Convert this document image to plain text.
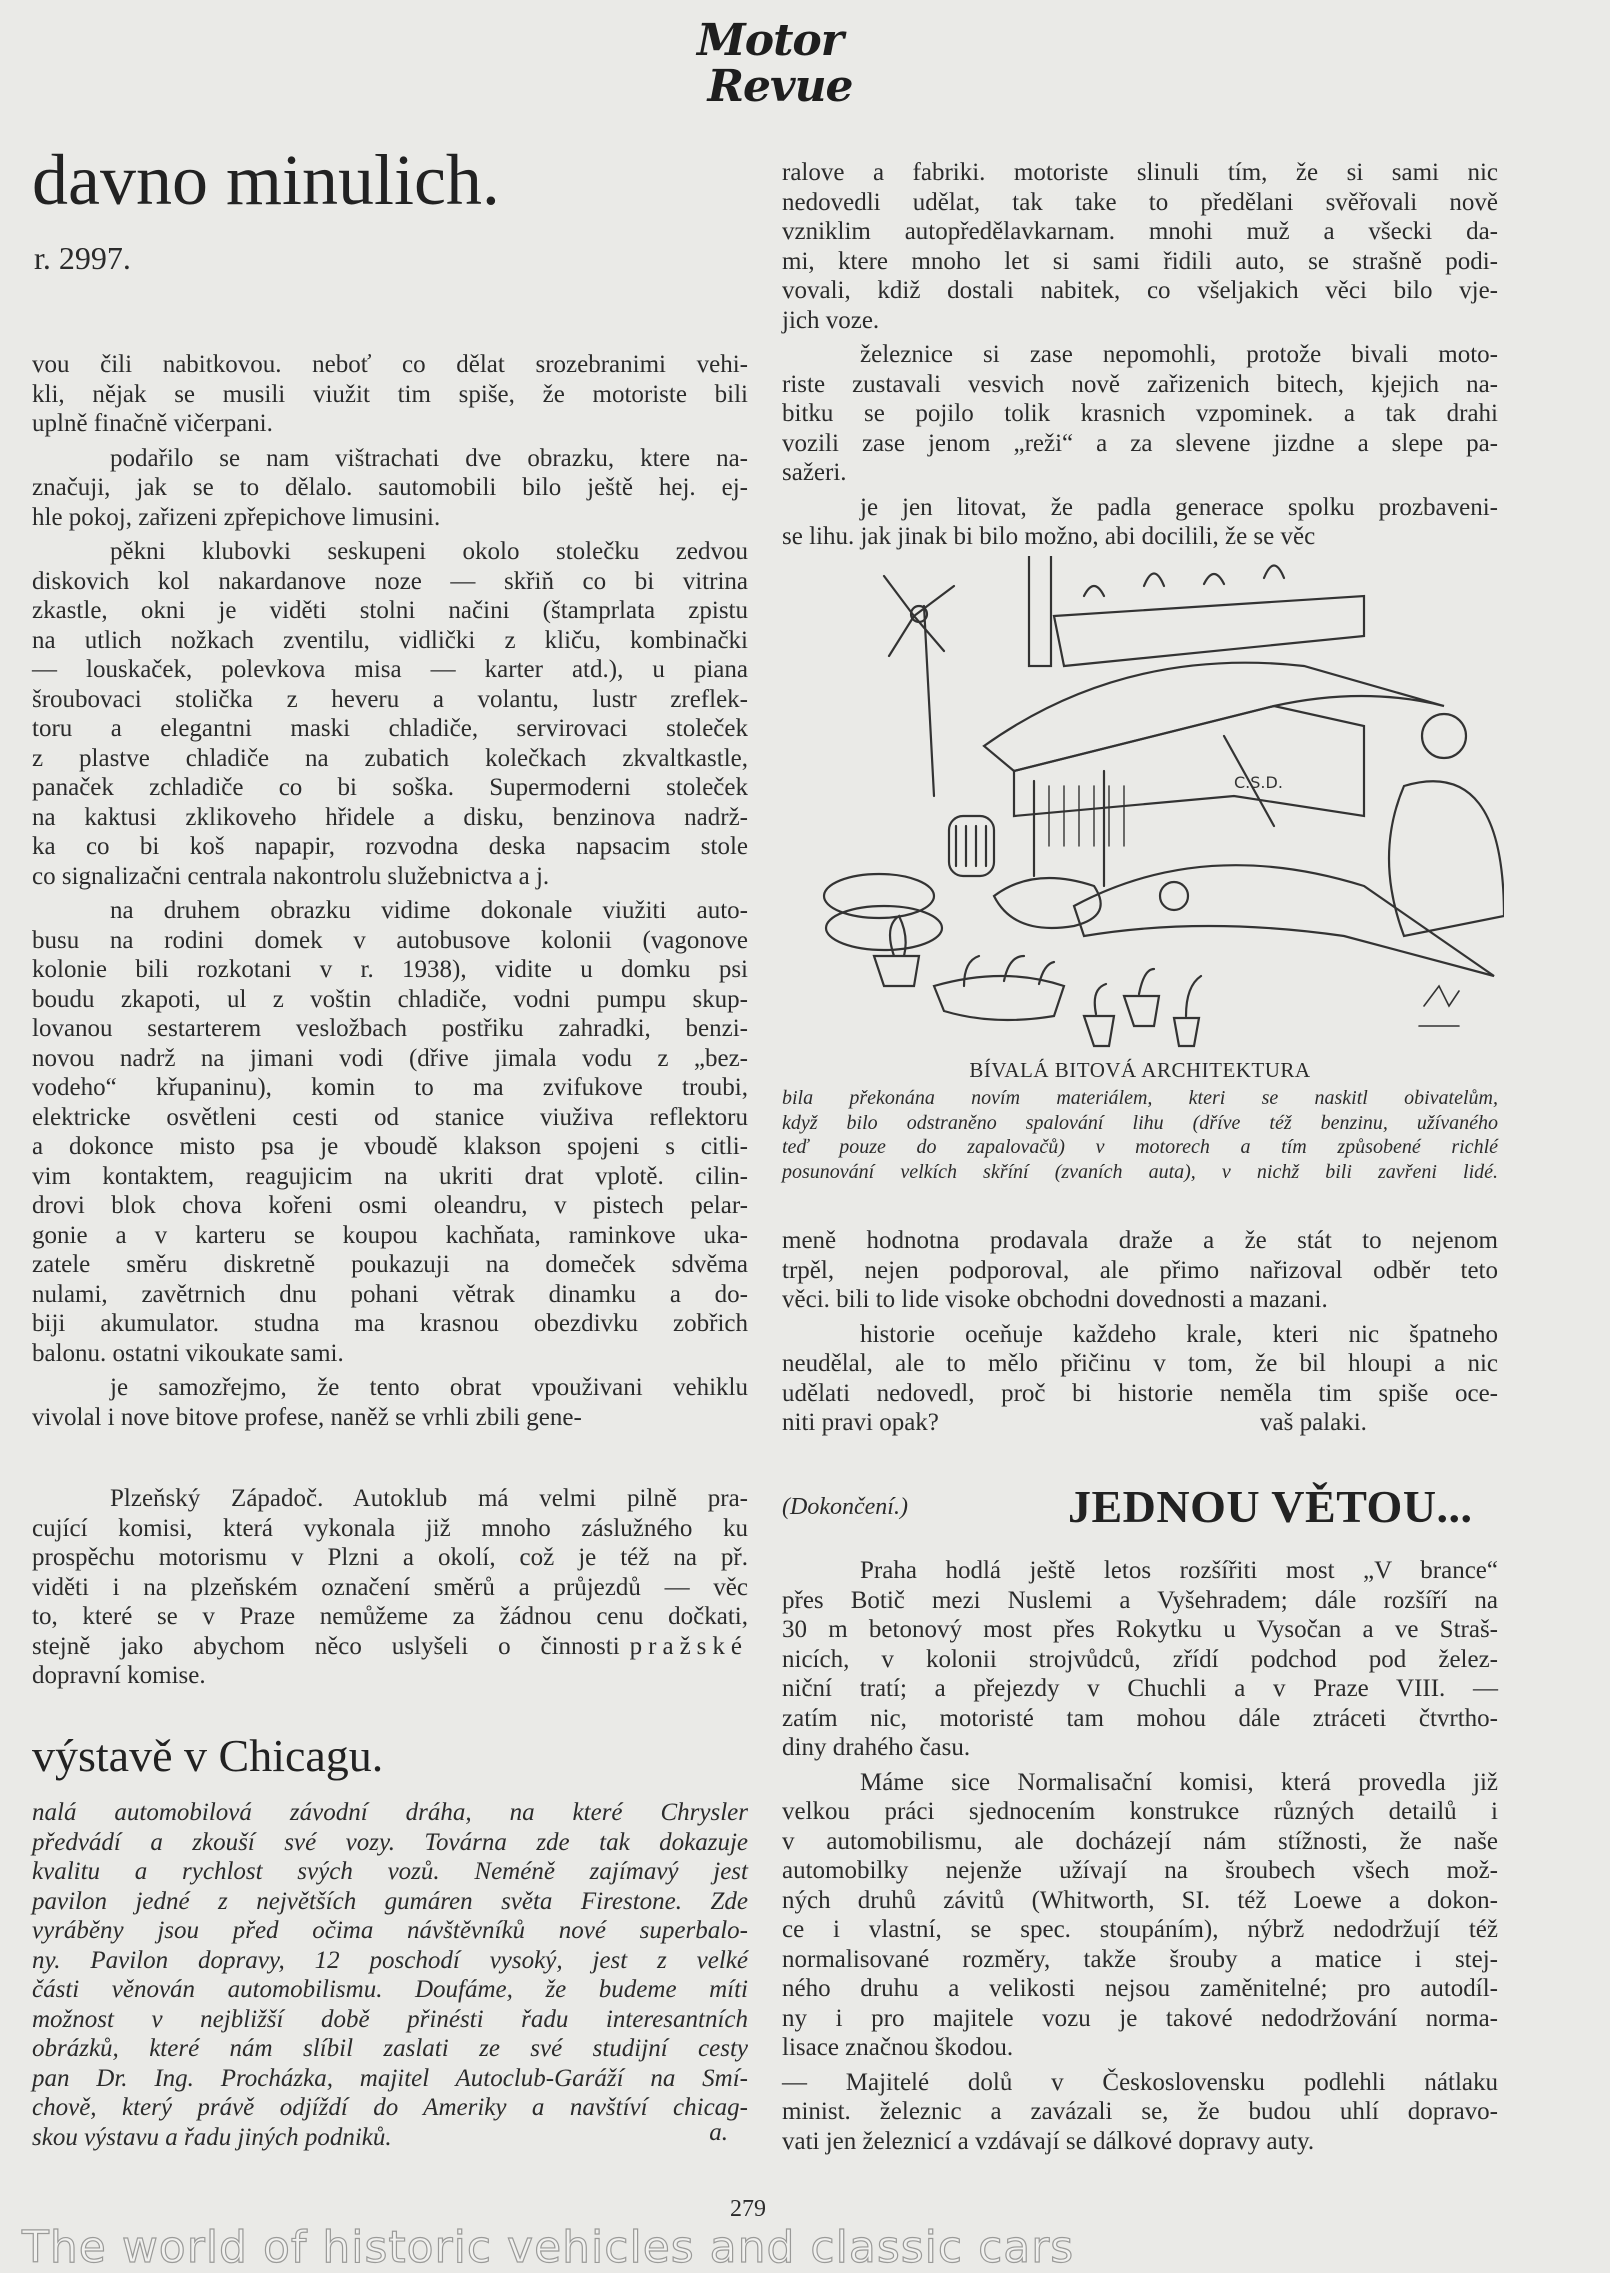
Motor
Revue
davno minulich.
r. 2997.
vou čili nabitkovou. neboť co dělat srozebranimi vehi-
kli, nějak se musili viužit tim spiše, že motoriste bili
uplně finačně vičerpani.
podařilo se nam vištrachati dve obrazku, ktere na-
značuji, jak se to dělalo. sautomobili bilo ještě hej. ej-
hle pokoj, zařizeni zpřepichove limusini.
pěkni klubovki seskupeni okolo stolečku zedvou
diskovich kol nakardanove noze — skřiň co bi vitrina
zkastle, okni je viděti stolni načini (štamprlata zpistu
na utlich nožkach zventilu, vidlički z kliču, kombinački
— louskaček, polevkova misa — karter atd.), u piana
šroubovaci stolička z heveru a volantu, lustr zreflek-
toru a elegantni maski chladiče, servirovaci stoleček
z plastve chladiče na zubatich kolečkach zkvaltkastle,
panaček zchladiče co bi soška. Supermoderni stoleček
na kaktusi zklikoveho hřidele a disku, benzinova nadrž-
ka co bi koš napapir, rozvodna deska napsacim stole
co signalizačni centrala nakontrolu služebnictva a j.
na druhem obrazku vidime dokonale viužiti auto-
busu na rodini domek v autobusove kolonii (vagonove
kolonie bili rozkotani v r. 1938), vidite u domku psi
boudu zkapoti, ul z voštin chladiče, vodni pumpu skup-
lovanou sestarterem vesložbach postřiku zahradki, benzi-
novou nadrž na jimani vodi (dřive jimala vodu z „bez-
vodeho“ křupaninu), komin to ma zvifukove troubi,
elektricke osvětleni cesti od stanice viuživa reflektoru
a dokonce misto psa je vboudě klakson spojeni s citli-
vim kontaktem, reagujicim na ukriti drat vplotě. cilin-
drovi blok chova kořeni osmi oleandru, v pistech pelar-
gonie a v karteru se koupou kachňata, raminkove uka-
zatele směru diskretně poukazuji na domeček sdvěma
nulami, zavětrnich dnu pohani větrak dinamku a do-
biji akumulator. studna ma krasnou obezdivku zobřich
balonu. ostatni vikoukate sami.
je samozřejmo, že tento obrat vpouživani vehiklu
vivolal i nove bitove profese, naněž se vrhli zbili gene-
ralove a fabriki. motoriste slinuli tím, že si sami nic
nedovedli udělat, tak take to předělani svěřovali nově
vzniklim autopředělavkarnam. mnohi muž a všecki da-
mi, ktere mnoho let si sami řidili auto, se strašně podi-
vovali, kdiž dostali nabitek, co všeljakich věci bilo vje-
jich voze.
železnice si zase nepomohli, protože bivali moto-
riste zustavali vesvich nově zařizenich bitech, kjejich na-
bitku se pojilo tolik krasnich vzpominek. a tak drahi
vozili zase jenom „reži“ a za slevene jizdne a slepe pa-
sažeri.
je jen litovat, že padla generace spolku prozbaveni-
se lihu. jak jinak bi bilo možno, abi docilili, že se věc
C.S.D.
BÍVALÁ BITOVÁ ARCHITEKTURA
bila překonána novím materiálem, kteri se naskitl obivatelům,
když bilo odstraněno spalování lihu (dříve též benzinu, užívaného
teď pouze do zapalovačů) v motorech a tím způsobené richlé
posunování velkích skříní (zvaních auta), v nichž bili zavřeni lidé.
meně hodnotna prodavala draže a že stát to nejenom
trpěl, nejen podporoval, ale přimo nařizoval odběr teto
věci. bili to lide visoke obchodni dovednosti a mazani.
historie oceňuje každeho krale, kteri nic špatneho
neudělal, ale to mělo přičinu v tom, že bil hloupi a nic
udělati nedovedl, proč bi historie neměla tim spiše oce-
niti pravi opak?	vaš palaki.
Plzeňský Západoč. Autoklub má velmi pilně pra-
cující komisi, která vykonala již mnoho záslužného ku
prospěchu motorismu v Plzni a okolí, což je též na př.
viděti i na plzeňském označení směrů a průjezdů — věc
to, které se v Praze nemůžeme za žádnou cenu dočkati,
stejně jako abychom něco uslyšeli o činnosti pražské
dopravní komise.
výstavě v Chicagu.
nalá automobilová závodní dráha, na které Chrysler
předvádí a zkouší své vozy. Továrna zde tak dokazuje
kvalitu a rychlost svých vozů. Neméně zajímavý jest
pavilon jedné z největších gumáren světa Firestone. Zde
vyráběny jsou před očima návštěvníků nové superbalo-
ny. Pavilon dopravy, 12 poschodí vysoký, jest z velké
části věnován automobilismu. Doufáme, že budeme míti
možnost v nejbližší době přinésti řadu interesantních
obrázků, které nám slíbil zaslati ze své studijní cesty
pan Dr. Ing. Procházka, majitel Autoclub-Garáží na Smí-
chově, který právě odjíždí do Ameriky a navštíví chicag-
skou výstavu a řadu jiných podniků.	a.
(Dokončení.)	JEDNOU VĚTOU...
Praha hodlá ještě letos rozšířiti most „V brance“
přes Botič mezi Nuslemi a Vyšehradem; dále rozšíří na
30 m betonový most přes Rokytku u Vysočan a ve Straš-
nicích, v kolonii strojvůdců, zřídí podchod pod želez-
niční tratí; a přejezdy v Chuchli a v Praze VIII. —
zatím nic, motoristé tam mohou dále ztráceti čtvrtho-
diny drahého času.
Máme sice Normalisační komisi, která provedla již
velkou práci sjednocením konstrukce různých detailů i
v automobilismu, ale docházejí nám stížnosti, že naše
automobilky nejenže užívají na šroubech všech mož-
ných druhů závitů (Whitworth, SI. též Loewe a dokon-
ce i vlastní, se spec. stoupáním), nýbrž nedodržují též
normalisované rozměry, takže šrouby a matice i stej-
ného druhu a velikosti nejsou zaměnitelné; pro autodíl-
ny i pro majitele vozu je takové nedodržování norma-
lisace značnou škodou.
— Majitelé dolů v Československu podlehli nátlaku
minist. železnic a zavázali se, že budou uhlí dopravo-
vati jen železnicí a vzdávají se dálkové dopravy auty.
279
The world of historic vehicles and classic cars
